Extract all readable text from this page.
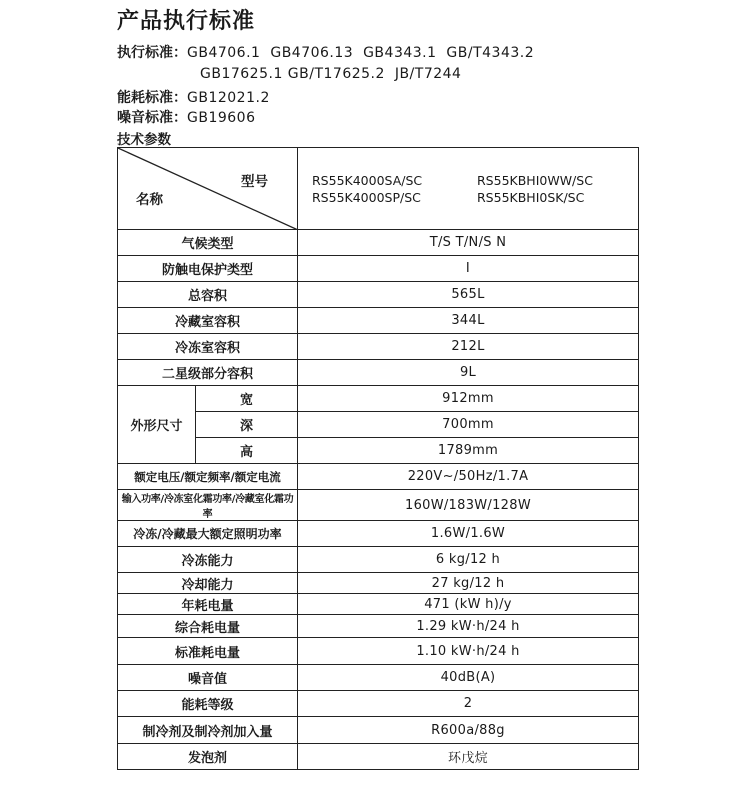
产品执行标准
执行标准：GB4706.1  GB4706.13  GB4343.1  GB/T4343.2
GB17625.1 GB/T17625.2  JB/T7244
能耗标准：GB12021.2
噪音标准：GB19606
技术参数
型号
名称		RS55K4000SA/SC RS55KBHI0WW/SC
RS55K4000SP/SC RS55KBHI0SK/SC

气候类型		T/S T/N/S N
防触电保护类型		I
总容积		565L
冷藏室容积		344L
冷冻室容积		212L
二星级部分容积		9L
外形尺寸	宽	912mm
	深	700mm
	高	1789mm
额定电压/额定频率/额定电流		220V~/50Hz/1.7A
输入功率/冷冻室化霜功率/冷藏室化霜功率		160W/183W/128W
冷冻/冷藏最大额定照明功率		1.6W/1.6W
冷冻能力		6 kg/12 h
冷却能力		27 kg/12 h
年耗电量		471 (kW h)/y
综合耗电量		1.29 kW·h/24 h
标准耗电量		1.10 kW·h/24 h
噪音值		40dB(A)
能耗等级		2
制冷剂及制冷剂加入量		R600a/88g
发泡剂		环戊烷
